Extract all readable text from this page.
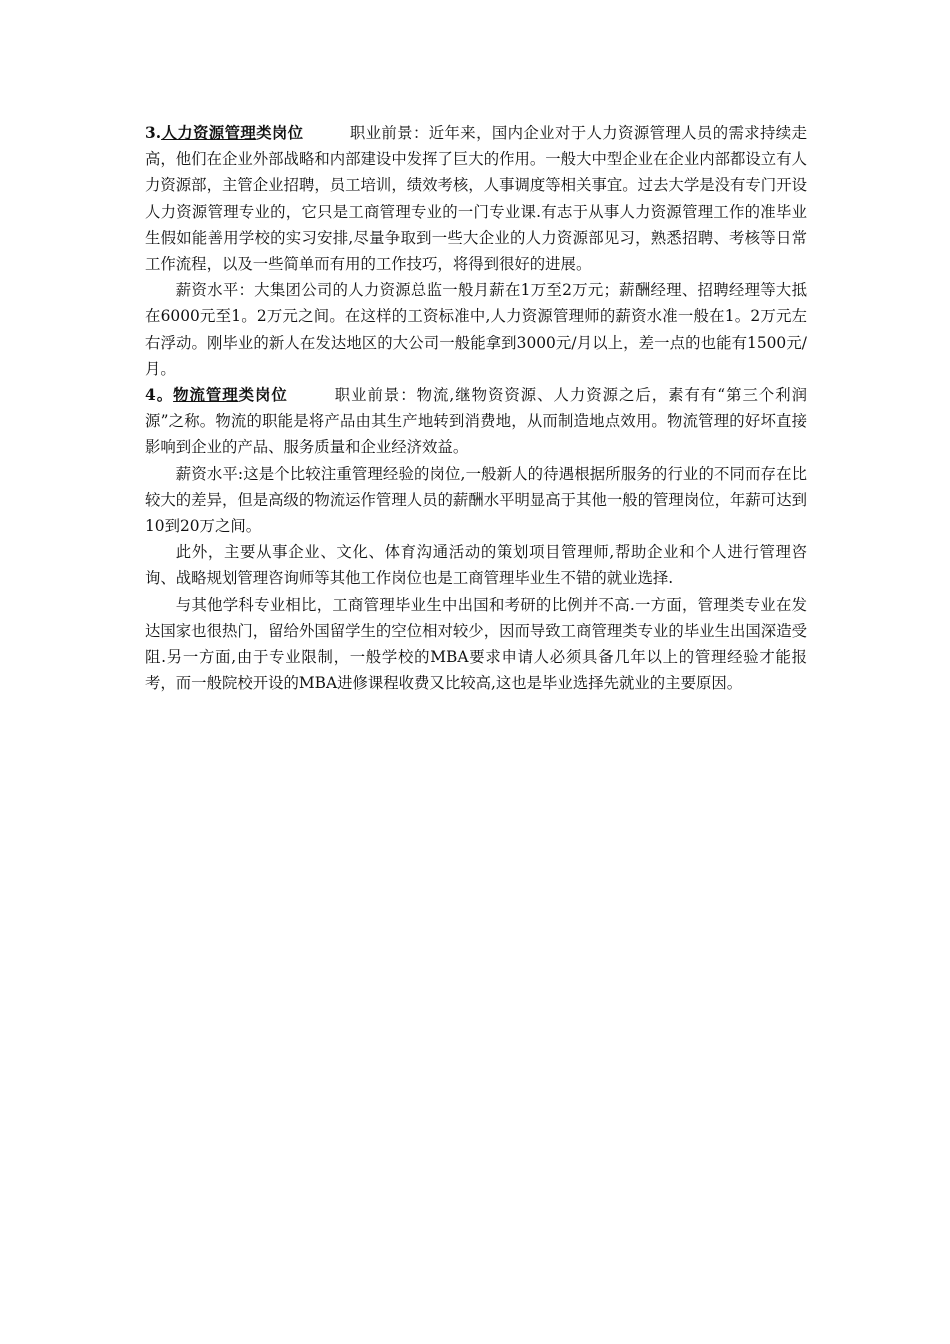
3.人力资源管理类岗位	职业前景：近年来，国内企业对于人力资源管理人员的需求持续走高，他们在企业外部战略和内部建设中发挥了巨大的作用。一般大中型企业在企业内部都设立有人力资源部，主管企业招聘，员工培训，绩效考核，人事调度等相关事宜。过去大学是没有专门开设人力资源管理专业的，它只是工商管理专业的一门专业课.有志于从事人力资源管理工作的准毕业生假如能善用学校的实习安排,尽量争取到一些大企业的人力资源部见习，熟悉招聘、考核等日常工作流程，以及一些简单而有用的工作技巧，将得到很好的进展。

薪资水平：大集团公司的人力资源总监一般月薪在1万至2万元；薪酬经理、招聘经理等大抵在6000元至1。2万元之间。在这样的工资标准中,人力资源管理师的薪资水准一般在1。2万元左右浮动。刚毕业的新人在发达地区的大公司一般能拿到3000元/月以上，差一点的也能有1500元/月。

4。物流管理类岗位	职业前景：物流,继物资资源、人力资源之后，素有有“第三个利润源”之称。物流的职能是将产品由其生产地转到消费地，从而制造地点效用。物流管理的好坏直接影响到企业的产品、服务质量和企业经济效益。

薪资水平:这是个比较注重管理经验的岗位,一般新人的待遇根据所服务的行业的不同而存在比较大的差异，但是高级的物流运作管理人员的薪酬水平明显高于其他一般的管理岗位，年薪可达到10到20万之间。

此外，主要从事企业、文化、体育沟通活动的策划项目管理师,帮助企业和个人进行管理咨询、战略规划管理咨询师等其他工作岗位也是工商管理毕业生不错的就业选择.

与其他学科专业相比，工商管理毕业生中出国和考研的比例并不高.一方面，管理类专业在发达国家也很热门，留给外国留学生的空位相对较少，因而导致工商管理类专业的毕业生出国深造受阻.另一方面,由于专业限制，一般学校的MBA要求申请人必须具备几年以上的管理经验才能报考，而一般院校开设的MBA进修课程收费又比较高,这也是毕业选择先就业的主要原因。
